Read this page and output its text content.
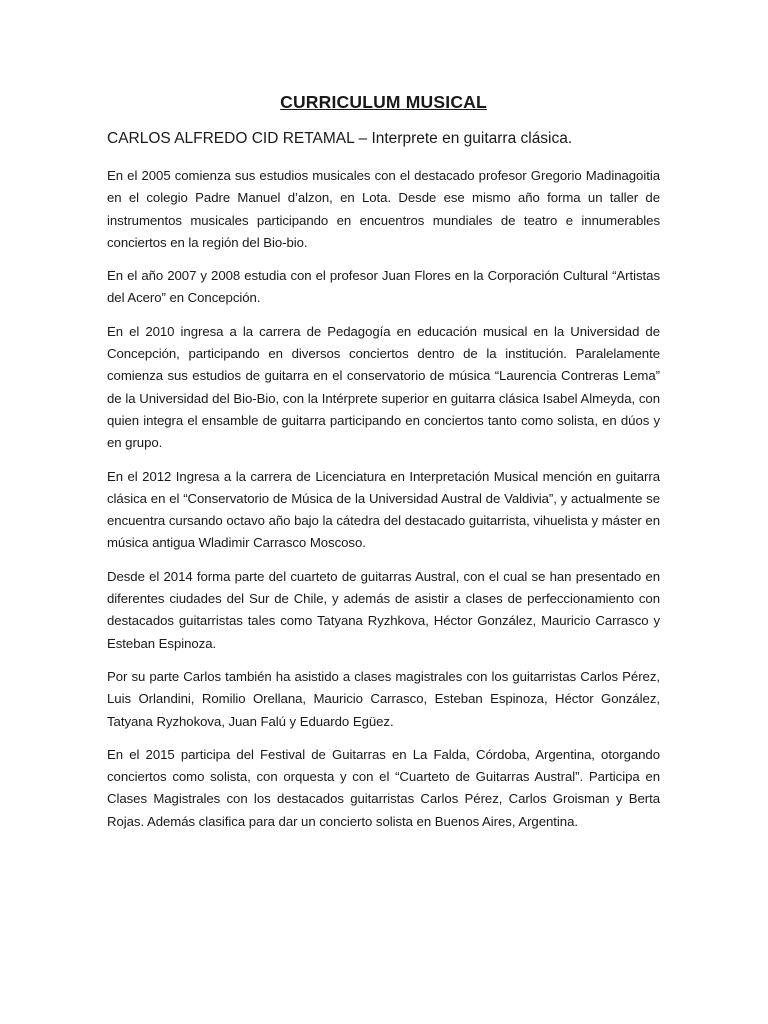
CURRICULUM MUSICAL
CARLOS ALFREDO CID RETAMAL – Interprete en guitarra clásica.

En el 2005 comienza sus estudios musicales con el destacado profesor Gregorio Madinagoitia en el colegio Padre Manuel d’alzon, en Lota. Desde ese mismo año forma un taller de instrumentos musicales participando en encuentros mundiales de teatro e innumerables conciertos en la región del Bio-bio.

En el año 2007 y 2008 estudia con el profesor Juan Flores en la Corporación Cultural “Artistas del Acero” en Concepción.

En el 2010 ingresa a la carrera de Pedagogía en educación musical en la Universidad de Concepción, participando en diversos conciertos dentro de la institución. Paralelamente comienza sus estudios de guitarra en el conservatorio de música “Laurencia Contreras Lema” de la Universidad del Bio-Bio, con la Intérprete superior en guitarra clásica Isabel Almeyda, con quien integra el ensamble de guitarra participando en conciertos tanto como solista, en dúos y en grupo.

En el 2012 Ingresa a la carrera de Licenciatura en Interpretación Musical mención en guitarra clásica en el “Conservatorio de Música de la Universidad Austral de Valdivia”, y actualmente se encuentra cursando octavo año bajo la cátedra del destacado guitarrista, vihuelista y máster en música antigua Wladimir Carrasco Moscoso.

Desde el 2014 forma parte del cuarteto de guitarras Austral, con el cual se han presentado en diferentes ciudades del Sur de Chile, y además de asistir a clases de perfeccionamiento con destacados guitarristas tales como Tatyana Ryzhkova, Héctor González, Mauricio Carrasco y Esteban Espinoza.

Por su parte Carlos también ha asistido a clases magistrales con los guitarristas Carlos Pérez, Luis Orlandini, Romilio Orellana, Mauricio Carrasco, Esteban Espinoza, Héctor González, Tatyana Ryzhokova, Juan Falú y Eduardo Egüez.

En el 2015 participa del Festival de Guitarras en La Falda, Córdoba, Argentina, otorgando conciertos como solista, con orquesta y con el “Cuarteto de Guitarras Austral”. Participa en Clases Magistrales con los destacados guitarristas Carlos Pérez, Carlos Groisman y Berta Rojas. Además clasifica para dar un concierto solista en Buenos Aires, Argentina.
